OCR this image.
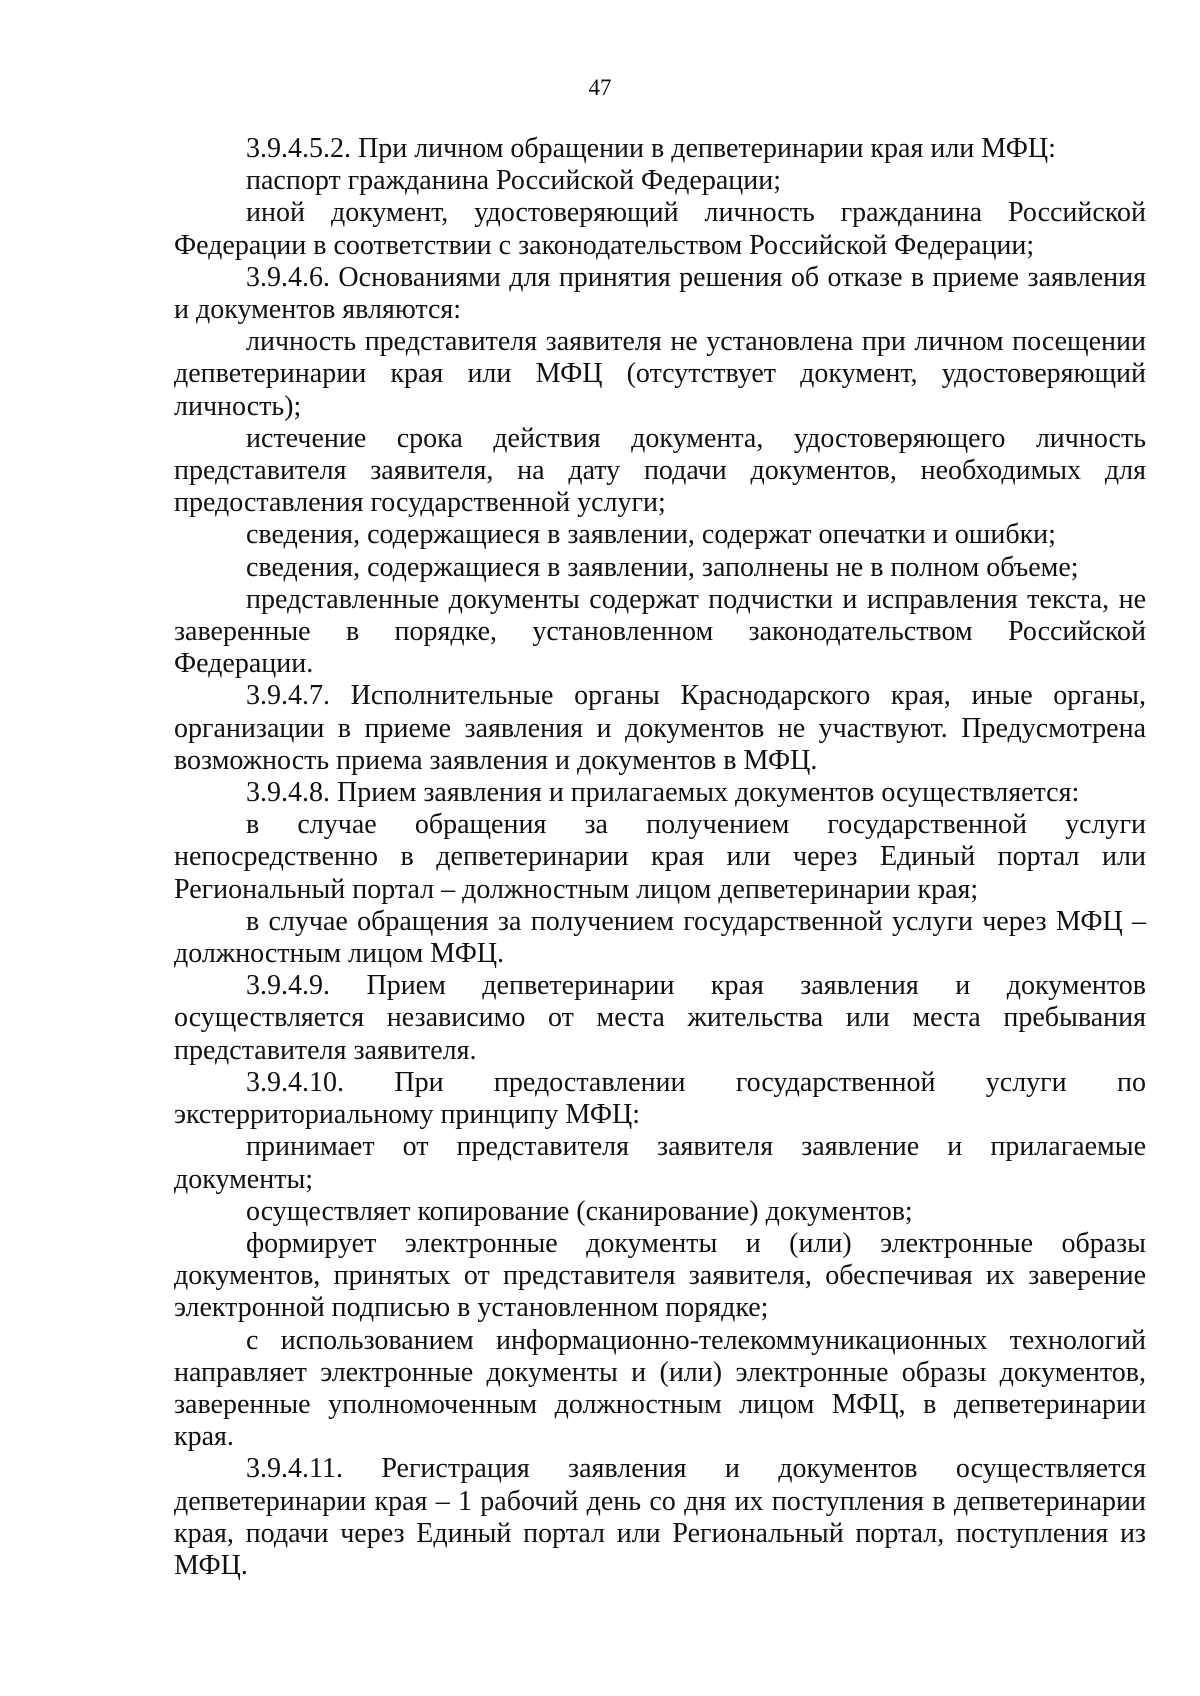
47

3.9.4.5.2. При личном обращении в депветеринарии края или МФЦ:

паспорт гражданина Российской Федерации;

иной документ, удостоверяющий личность гражданина Российской Федерации в соответствии с законодательством Российской Федерации;

3.9.4.6. Основаниями для принятия решения об отказе в приеме заявления и документов являются:

личность представителя заявителя не установлена при личном посещении депветеринарии края или МФЦ (отсутствует документ, удостоверяющий личность);

истечение срока действия документа, удостоверяющего личность представителя заявителя, на дату подачи документов, необходимых для предоставления государственной услуги;

сведения, содержащиеся в заявлении, содержат опечатки и ошибки;

сведения, содержащиеся в заявлении, заполнены не в полном объеме;

представленные документы содержат подчистки и исправления текста, не заверенные в порядке, установленном законодательством Российской Федерации.

3.9.4.7. Исполнительные органы Краснодарского края, иные органы, организации в приеме заявления и документов не участвуют. Предусмотрена возможность приема заявления и документов в МФЦ.

3.9.4.8. Прием заявления и прилагаемых документов осуществляется:

в случае обращения за получением государственной услуги непосредственно в депветеринарии края или через Единый портал или Региональный портал – должностным лицом депветеринарии края;

в случае обращения за получением государственной услуги через МФЦ – должностным лицом МФЦ.

3.9.4.9. Прием депветеринарии края заявления и документов осуществляется независимо от места жительства или места пребывания представителя заявителя.

3.9.4.10. При предоставлении государственной услуги по экстерриториальному принципу МФЦ:

принимает от представителя заявителя заявление и прилагаемые документы;

осуществляет копирование (сканирование) документов;

формирует электронные документы и (или) электронные образы документов, принятых от представителя заявителя, обеспечивая их заверение электронной подписью в установленном порядке;

с использованием информационно-телекоммуникационных технологий направляет электронные документы и (или) электронные образы документов, заверенные уполномоченным должностным лицом МФЦ, в депветеринарии края.

3.9.4.11. Регистрация заявления и документов осуществляется депветеринарии края – 1 рабочий день со дня их поступления в депветеринарии края, подачи через Единый портал или Региональный портал, поступления из МФЦ.
